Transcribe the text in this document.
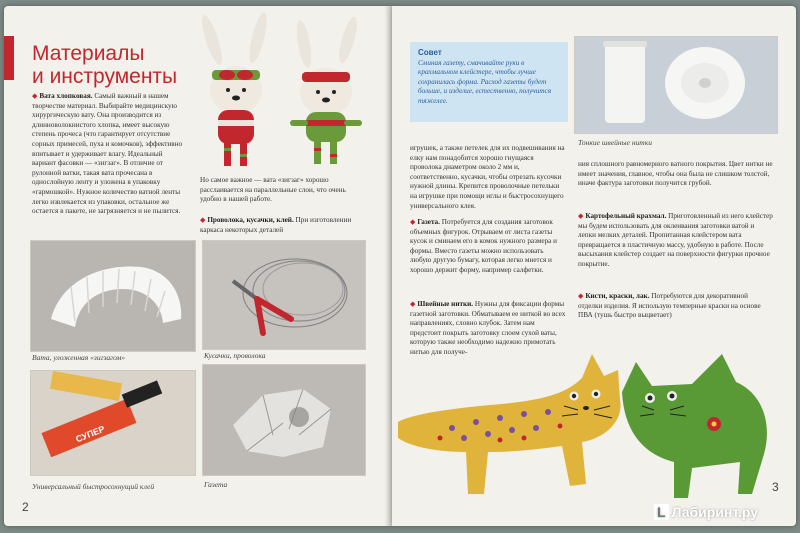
Материалы
и инструменты
◆ Вата хлопковая. Самый важный в нашем творчестве материал. Выбирайте медицинскую хирургическую вату. Она производится из длинноволокнистого хлопка, имеет высокую степень прочеса (что гарантирует отсутствие сорных примесей, пуха и комочков), эффективно впитывает и удерживает влагу. Идеальный вариант фасовки — «зигзаг». В отличие от рулонной ватки, такая вата прочесана в однослойную ленту и уложена в упаковку «гармошкой». Нужное количество ватной ленты легко извлекается из упаковки, остальное же остается в пакете, не загрязняется и не пылится.
Но самое важное — вата «зигзаг» хорошо расслаивается на параллельные слои, что очень удобно в нашей работе.
◆ Проволока, кусачки, клей. При изготовлении каркаса некоторых деталей
Вата, уложенная «зигзагом»	Кусачки, проволока
СУПЕР
Универсальный быстросохнущий клей	Газета
2
Совет
Сминая газету, смачивайте руки в крахмальном клейстере, чтобы лучше сохранилась форма. Расход газеты будет больше, и изделие, естественно, получится тяжелее.
Тонкие швейные нитки
игрушек, а также петелек для их подвешивания на елку нам понадобится хорошо гнущаяся проволока диаметром около 2 мм и, соответственно, кусачки, чтобы отрезать кусочки нужной длины. Крепится проволочные петельки на игрушке при помощи иглы и быстросохнущего универсального клея.
◆ Газета. Потребуется для создания заготовок объемных фигурок. Отрываем от листа газеты кусок и сминаем его в комок нужного размера и формы. Вместо газеты можно использовать любую другую бумагу, которая легко мнется и хорошо держит форму, например салфетки.
◆ Швейные нитки. Нужны для фиксации формы газетной заготовки. Обматываем ее ниткой во всех направлениях, словно клубок. Затем нам предстоит покрыть заготовку слоем сухой ваты, которую также необходимо надежно примотать нитью для получе-
ния сплошного равномерного ватного покрытия. Цвет нитки не имеет значения, главное, чтобы она была не слишком толстой, иначе фактура заготовки получится грубой.
◆ Картофельный крахмал. Приготовленный из него клейстер мы будем использовать для оклеивания заготовки ватой и лепки мелких деталей. Пропитанная клейстером вата превращается в пластичную массу, удобную в работе. После высыхания клейстер создает на поверхности фигурки прочное покрытие.
◆ Кисти, краски, лак. Потребуются для декоративной отделки изделия. Я использую темперные краски на основе ПВА (тушь быстро выцветает)
3
L Лабиринт.ру
